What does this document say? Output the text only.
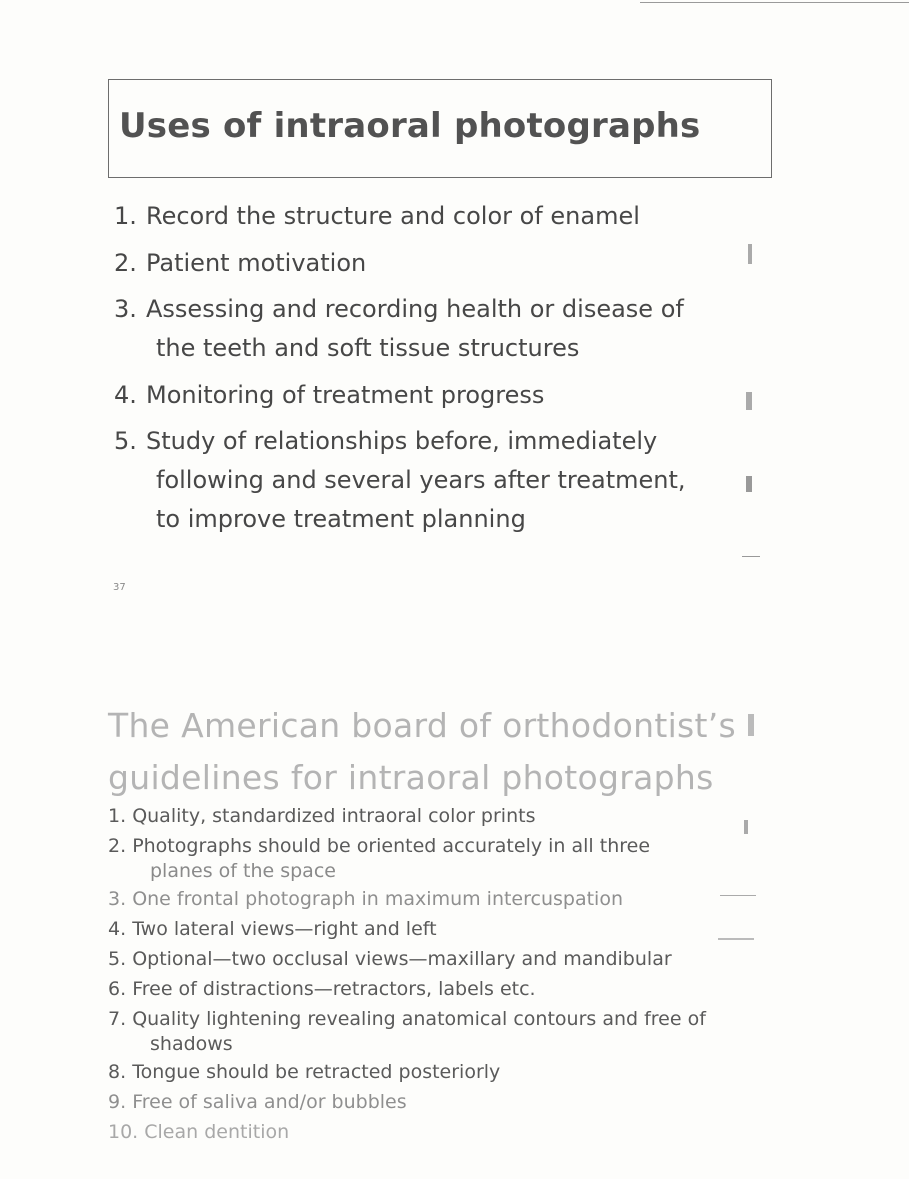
Uses of intraoral photographs
1. Record the structure and color of enamel
2. Patient motivation
3. Assessing and recording health or disease of
the teeth and soft tissue structures
4. Monitoring of treatment progress
5. Study of relationships before, immediately
following and several years after treatment,
to improve treatment planning
37
The American board of orthodontist’s
guidelines for intraoral photographs
1. Quality, standardized intraoral color prints
2. Photographs should be oriented accurately in all three
planes of the space
3. One frontal photograph in maximum intercuspation
4. Two lateral views—right and left
5. Optional—two occlusal views—maxillary and mandibular
6. Free of distractions—retractors, labels etc.
7. Quality lightening revealing anatomical contours and free of
shadows
8. Tongue should be retracted posteriorly
9. Free of saliva and/or bubbles
10. Clean dentition
